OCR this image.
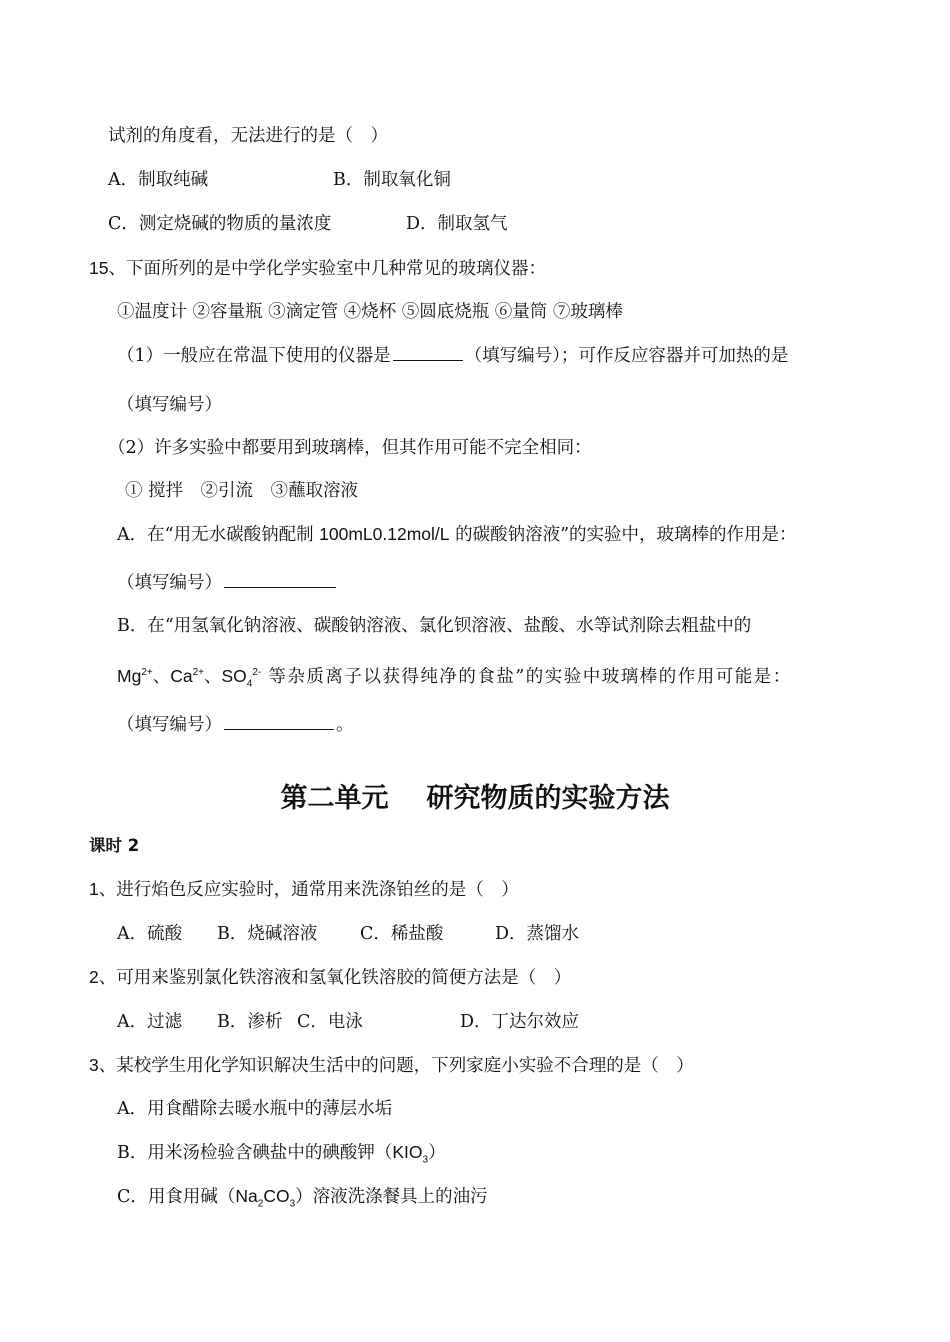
试剂的角度看，无法进行的是（　）
A．制取纯碱	B．制取氧化铜
C．测定烧碱的物质的量浓度	D．制取氢气
15、下面所列的是中学化学实验室中几种常见的玻璃仪器：
①温度计 ②容量瓶 ③滴定管 ④烧杯 ⑤圆底烧瓶 ⑥量筒 ⑦玻璃棒
（1）一般应在常温下使用的仪器是	（填写编号）；可作反应容器并可加热的是
（填写编号）
（2）许多实验中都要用到玻璃棒，但其作用可能不完全相同：
① 搅拌　②引流　③蘸取溶液
A．在“用无水碳酸钠配制 100mL0.12mol/L 的碳酸钠溶液”的实验中，玻璃棒的作用是：
（填写编号）
B．在“用氢氧化钠溶液、碳酸钠溶液、氯化钡溶液、盐酸、水等试剂除去粗盐中的
$Mg^{2+}$、$Ca^{2+}$、$SO_4^{2-}$ 等杂质离子以获得纯净的食盐”的实验中玻璃棒的作用可能是：
（填写编号）	。
第二单元 研究物质的实验方法
课时 2
1、进行焰色反应实验时，通常用来洗涤铂丝的是（　）
A．硫酸 B．烧碱溶液 C．稀盐酸	D．蒸馏水
2、可用来鉴别氯化铁溶液和氢氧化铁溶胶的简便方法是（　）
A．过滤 B．渗析 C．电泳	D．丁达尔效应
3、某校学生用化学知识解决生活中的问题，下列家庭小实验不合理的是（　）
A．用食醋除去暖水瓶中的薄层水垢
B．用米汤检验含碘盐中的碘酸钾$(KIO_3)$
C．用食用碱$(Na_2CO_3)$溶液洗涤餐具上的油污
